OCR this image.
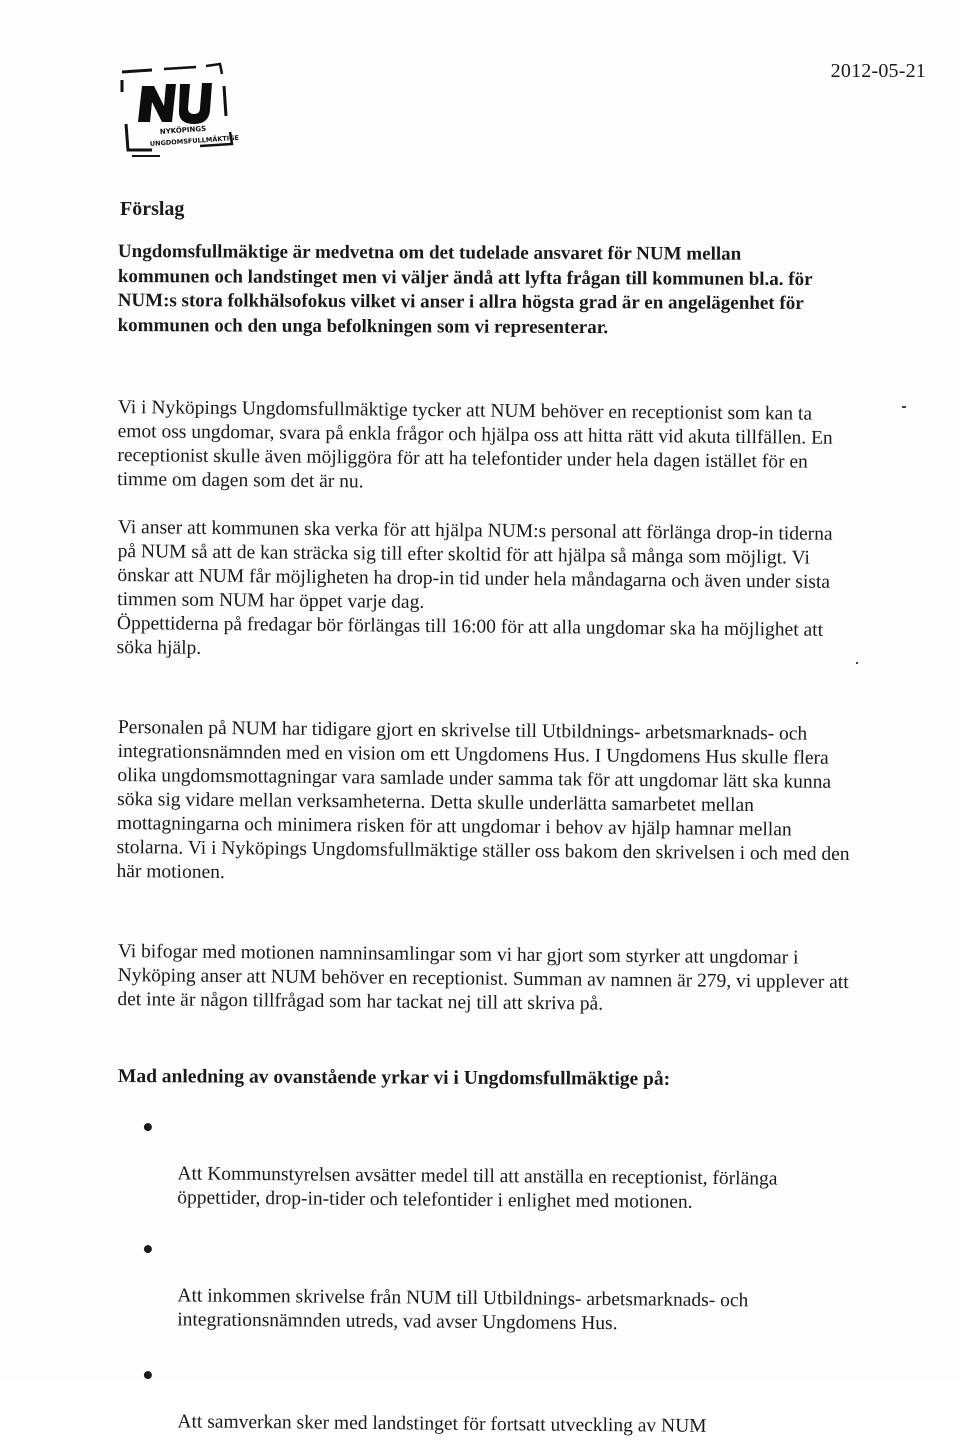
NYKÖPINGS
UNGDOMSFULLMÄKTIGE
2012-05-21
Förslag

Ungdomsfullmäktige är medvetna om det tudelade ansvaret för NUM mellan
kommunen och landstinget men vi väljer ändå att lyfta frågan till kommunen bl.a. för
NUM:s stora folkhälsofokus vilket vi anser i allra högsta grad är en angelägenhet för
kommunen och den unga befolkningen som vi representerar.

Vi i Nyköpings Ungdomsfullmäktige tycker att NUM behöver en receptionist som kan ta
emot oss ungdomar, svara på enkla frågor och hjälpa oss att hitta rätt vid akuta tillfällen. En
receptionist skulle även möjliggöra för att ha telefontider under hela dagen istället för en
timme om dagen som det är nu.

Vi anser att kommunen ska verka för att hjälpa NUM:s personal att förlänga drop-in tiderna
på NUM så att de kan sträcka sig till efter skoltid för att hjälpa så många som möjligt. Vi
önskar att NUM får möjligheten ha drop-in tid under hela måndagarna och även under sista
timmen som NUM har öppet varje dag.
Öppettiderna på fredagar bör förlängas till 16:00 för att alla ungdomar ska ha möjlighet att
söka hjälp.

Personalen på NUM har tidigare gjort en skrivelse till Utbildnings- arbetsmarknads- och
integrationsnämnden med en vision om ett Ungdomens Hus. I Ungdomens Hus skulle flera
olika ungdomsmottagningar vara samlade under samma tak för att ungdomar lätt ska kunna
söka sig vidare mellan verksamheterna. Detta skulle underlätta samarbetet mellan
mottagningarna och minimera risken för att ungdomar i behov av hjälp hamnar mellan
stolarna. Vi i Nyköpings Ungdomsfullmäktige ställer oss bakom den skrivelsen i och med den
här motionen.

Vi bifogar med motionen namninsamlingar som vi har gjort som styrker att ungdomar i
Nyköping anser att NUM behöver en receptionist. Summan av namnen är 279, vi upplever att
det inte är någon tillfrågad som har tackat nej till att skriva på.

Mad anledning av ovanstående yrkar vi i Ungdomsfullmäktige på:

Att Kommunstyrelsen avsätter medel till att anställa en receptionist, förlänga
öppettider, drop-in-tider och telefontider i enlighet med motionen.

Att inkommen skrivelse från NUM till Utbildnings- arbetsmarknads- och
integrationsnämnden utreds, vad avser Ungdomens Hus.

Att samverkan sker med landstinget för fortsatt utveckling av NUM
